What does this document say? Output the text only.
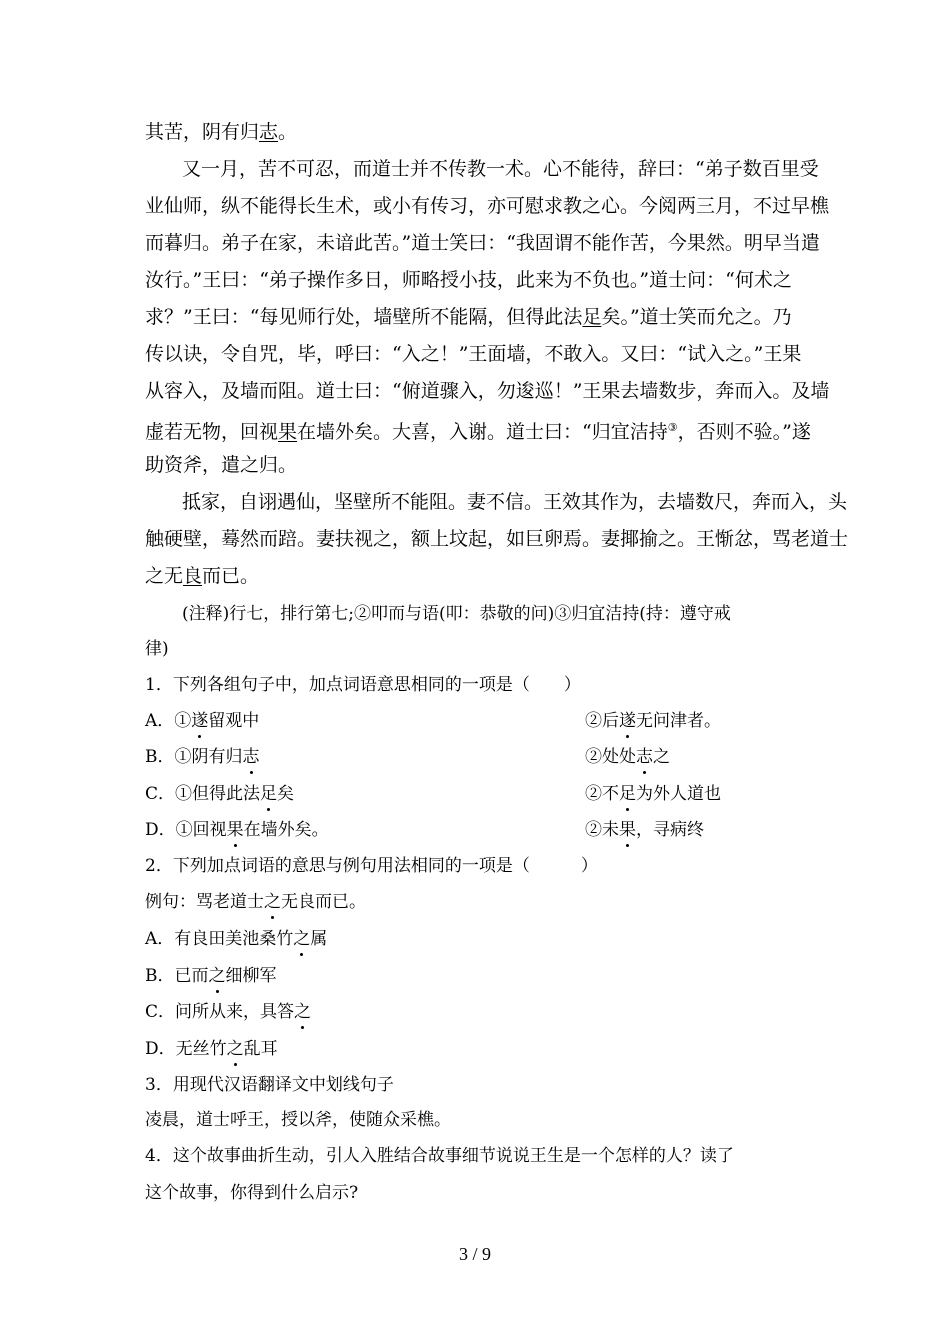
其苦，阴有归志。
又一月，苦不可忍，而道士并不传教一术。心不能待，辞曰：“弟子数百里受
业仙师，纵不能得长生术，或小有传习，亦可慰求教之心。今阅两三月，不过早樵
而暮归。弟子在家，未谙此苦。”道士笑曰：“我固谓不能作苦，今果然。明早当遣
汝行。”王曰：“弟子操作多日，师略授小技，此来为不负也。”道士问：“何术之
求？”王曰：“每见师行处，墙壁所不能隔，但得此法足矣。”道士笑而允之。乃
传以诀，令自咒，毕，呼曰：“入之！”王面墙，不敢入。又曰：“试入之。”王果
从容入，及墙而阻。道士曰：“俯道骤入，勿逡巡！”王果去墙数步，奔而入。及墙
虚若无物，回视果在墙外矣。大喜，入谢。道士曰：“归宜洁持③，否则不验。”遂
助资斧，遣之归。
抵家，自诩遇仙，坚壁所不能阻。妻不信。王效其作为，去墙数尺，奔而入，头
触硬壁，蓦然而踣。妻扶视之，额上坟起，如巨卵焉。妻揶揄之。王惭忿，骂老道士
之无良而已。
(注释)行七，排行第七;②叩而与语(叩：恭敬的问)③归宜洁持(持：遵守戒
律)
1．下列各组句子中，加点词语意思相同的一项是（　　）
A．①遂留观中	②后遂无问津者。
B．①阴有归志	②处处志之
C．①但得此法足矣	②不足为外人道也
D．①回视果在墙外矣。	②未果，寻病终
2．下列加点词语的意思与例句用法相同的一项是（　　　）
例句：骂老道士之无良而已。
A．有良田美池桑竹之属
B．已而之细柳军
C．问所从来，具答之
D．无丝竹之乱耳
3．用现代汉语翻译文中划线句子
凌晨，道士呼王，授以斧，使随众采樵。
4．这个故事曲折生动，引人入胜结合故事细节说说王生是一个怎样的人？读了
这个故事，你得到什么启示?
3 / 9
